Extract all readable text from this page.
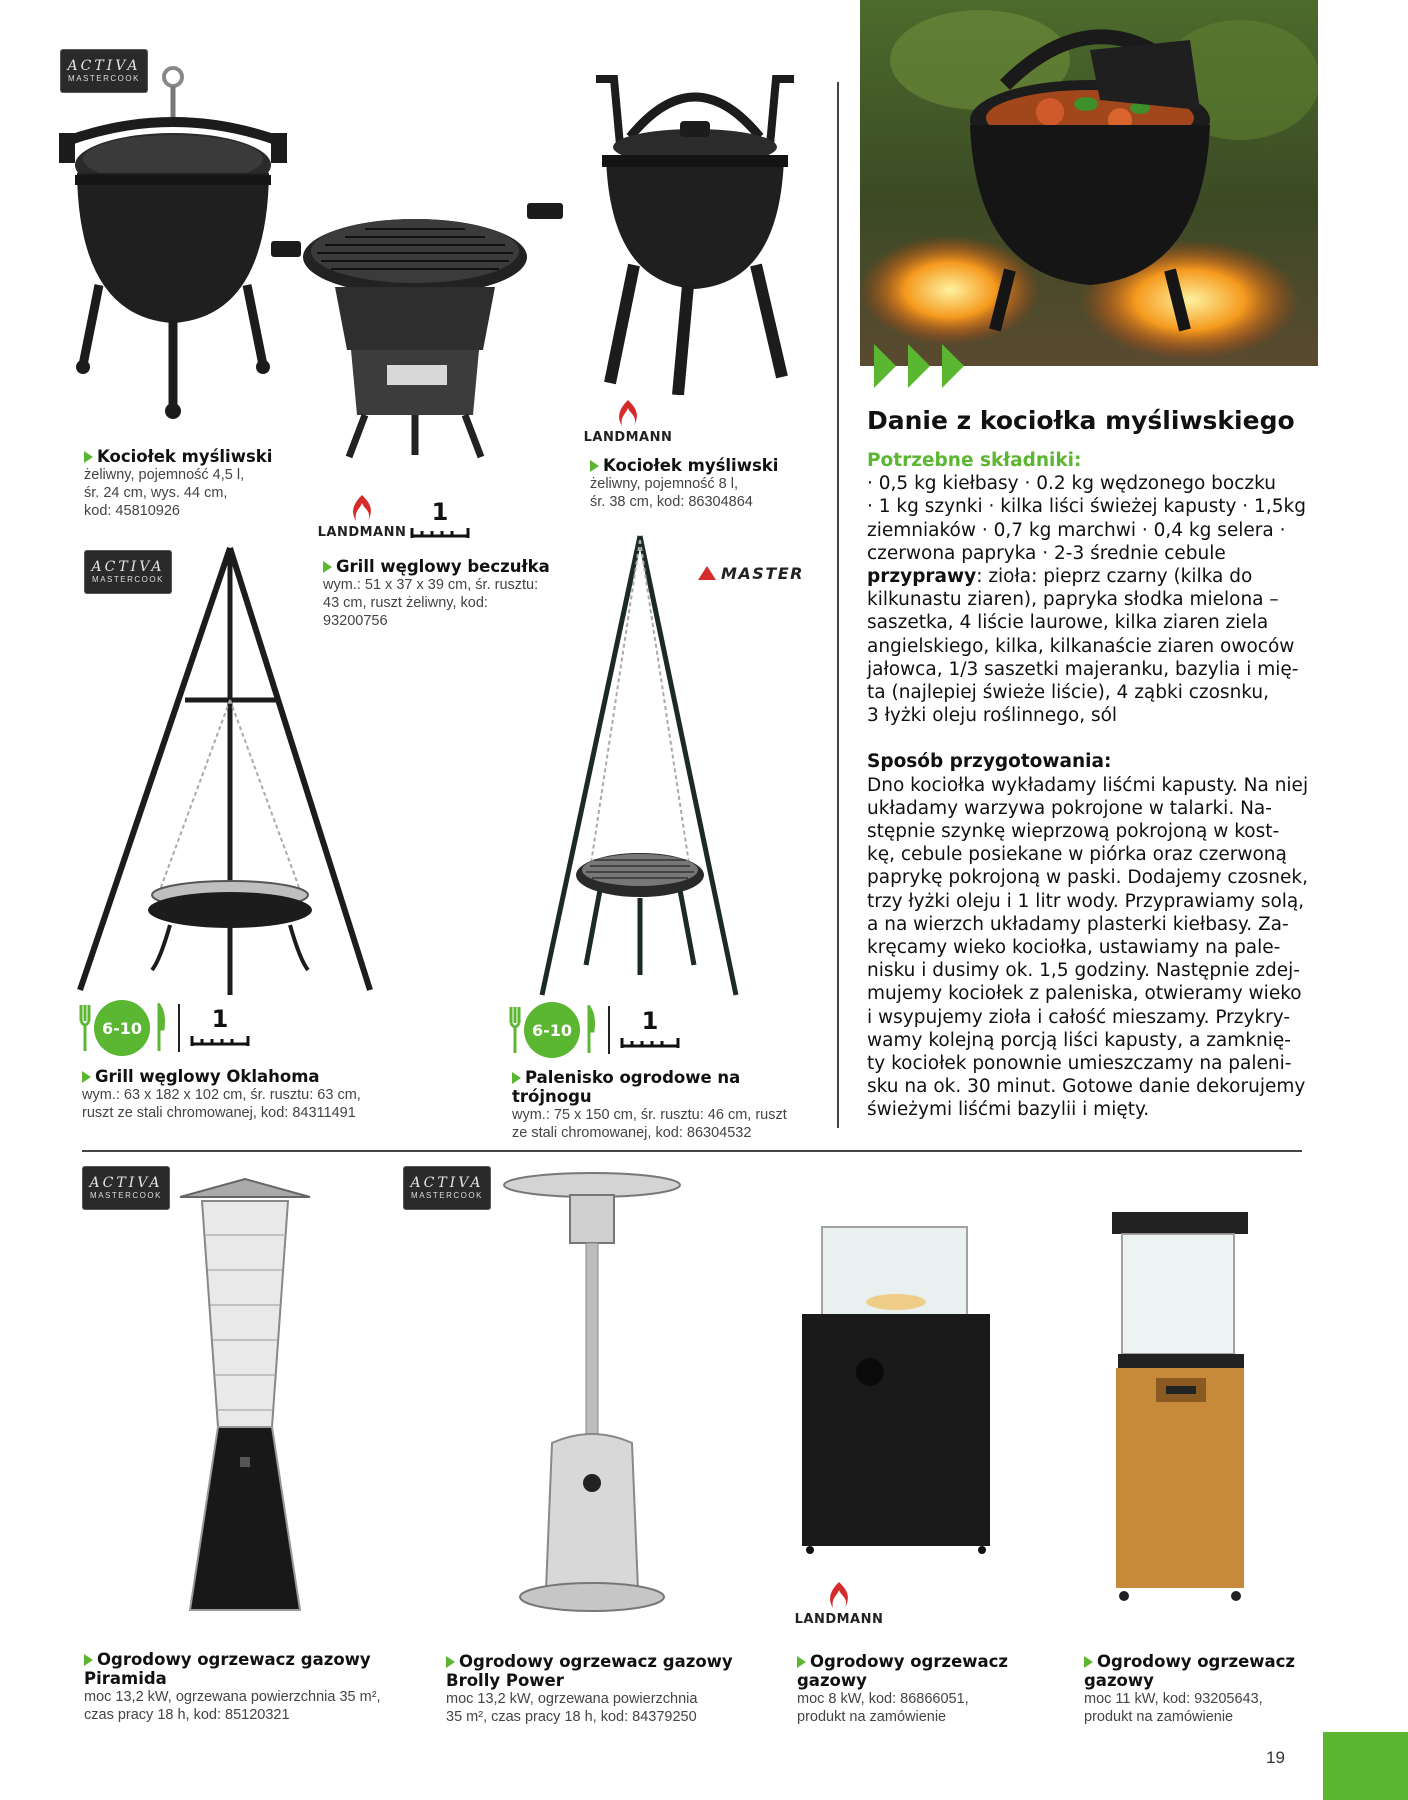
ACTIVA
MASTERCOOK
Kociołek myśliwski
żeliwny, pojemność 4,5 l,
śr. 24 cm, wys. 44 cm,
kod: 45810926
LANDMANN
1
Grill węglowy beczułka
wym.: 51 x 37 x 39 cm, śr. rusztu:
43 cm, ruszt żeliwny, kod:
93200756
LANDMANN
Kociołek myśliwski
żeliwny, pojemność 8 l,
śr. 38 cm, kod: 86304864
ACTIVA
MASTERCOOK
6-10	1
Grill węglowy Oklahoma
wym.: 63 x 182 x 102 cm, śr. rusztu: 63 cm,
ruszt ze stali chromowanej, kod: 84311491
MASTER
6-10	1
Palenisko ogrodowe na trójnogu
wym.: 75 x 150 cm, śr. rusztu: 46 cm, ruszt
ze stali chromowanej, kod: 86304532
Danie z kociołka myśliwskiego
Potrzebne składniki:
· 0,5 kg kiełbasy · 0.2 kg wędzonego boczku
· 1 kg szynki · kilka liści świeżej kapusty · 1,5kg
ziemniaków · 0,7 kg marchwi · 0,4 kg selera ·
czerwona papryka · 2-3 średnie cebule
przyprawy: zioła: pieprz czarny (kilka do
kilkunastu ziaren), papryka słodka mielona –
saszetka, 4 liście laurowe, kilka ziaren ziela
angielskiego, kilka, kilkanaście ziaren owoców
jałowca, 1/3 saszetki majeranku, bazylia i mię-
ta (najlepiej świeże liście), 4 ząbki czosnku,
3 łyżki oleju roślinnego, sól
Sposób przygotowania:
Dno kociołka wykładamy liśćmi kapusty. Na niej
układamy warzywa pokrojone w talarki. Na-
stępnie szynkę wieprzową pokrojoną w kost-
kę, cebule posiekane w piórka oraz czerwoną
paprykę pokrojoną w paski. Dodajemy czosnek,
trzy łyżki oleju i 1 litr wody. Przyprawiamy solą,
a na wierzch układamy plasterki kiełbasy. Za-
kręcamy wieko kociołka, ustawiamy na pale-
nisku i dusimy ok. 1,5 godziny. Następnie zdej-
mujemy kociołek z paleniska, otwieramy wieko
i wsypujemy zioła i całość mieszamy. Przykry-
wamy kolejną porcją liści kapusty, a zamknię-
ty kociołek ponownie umieszczamy na paleni-
sku na ok. 30 minut. Gotowe danie dekorujemy
świeżymi liśćmi bazylii i mięty.
ACTIVA
MASTERCOOK
ACTIVA
MASTERCOOK
LANDMANN
Ogrodowy ogrzewacz gazowy
Piramida
moc 13,2 kW, ogrzewana powierzchnia 35 m²,
czas pracy 18 h, kod: 85120321
Ogrodowy ogrzewacz gazowy
Brolly Power
moc 13,2 kW, ogrzewana powierzchnia
35 m², czas pracy 18 h, kod: 84379250
Ogrodowy ogrzewacz
gazowy
moc 8 kW, kod: 86866051,
produkt na zamówienie
Ogrodowy ogrzewacz
gazowy
moc 11 kW, kod: 93205643,
produkt na zamówienie
19
